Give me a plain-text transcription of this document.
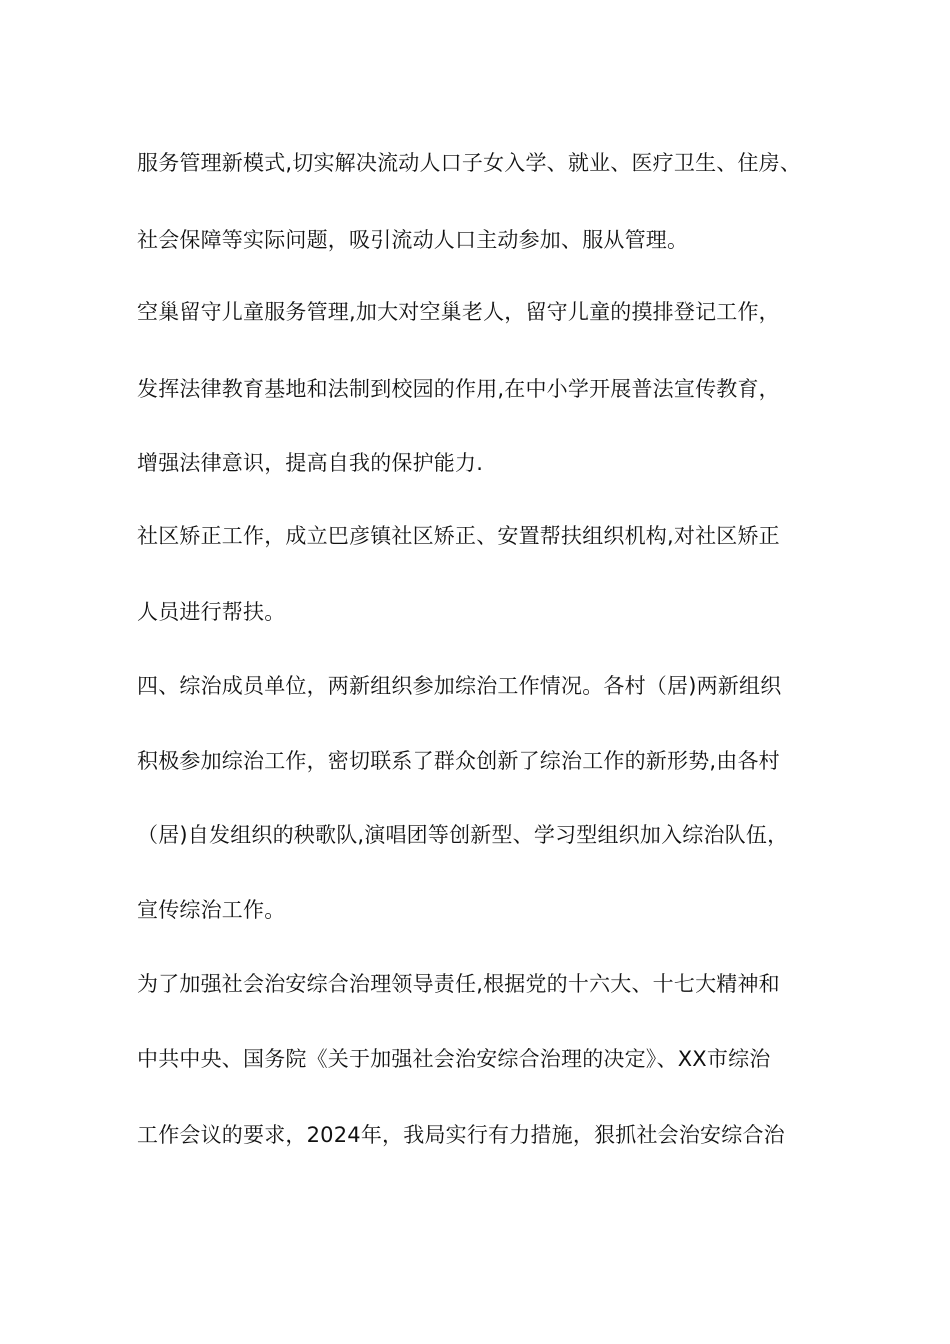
服务管理新模式,切实解决流动人口子女入学、就业、医疗卫生、住房、
社会保障等实际问题，吸引流动人口主动参加、服从管理。
空巢留守儿童服务管理,加大对空巢老人，留守儿童的摸排登记工作，
发挥法律教育基地和法制到校园的作用,在中小学开展普法宣传教育，
增强法律意识，提高自我的保护能力.
社区矫正工作，成立巴彦镇社区矫正、安置帮扶组织机构,对社区矫正
人员进行帮扶。
四、综治成员单位，两新组织参加综治工作情况。各村（居)两新组织
积极参加综治工作，密切联系了群众创新了综治工作的新形势,由各村
（居)自发组织的秧歌队,演唱团等创新型、学习型组织加入综治队伍，
宣传综治工作。
为了加强社会治安综合治理领导责任,根据党的十六大、十七大精神和
中共中央、国务院《关于加强社会治安综合治理的决定》、XX市综治
工作会议的要求，2024年，我局实行有力措施，狠抓社会治安综合治
